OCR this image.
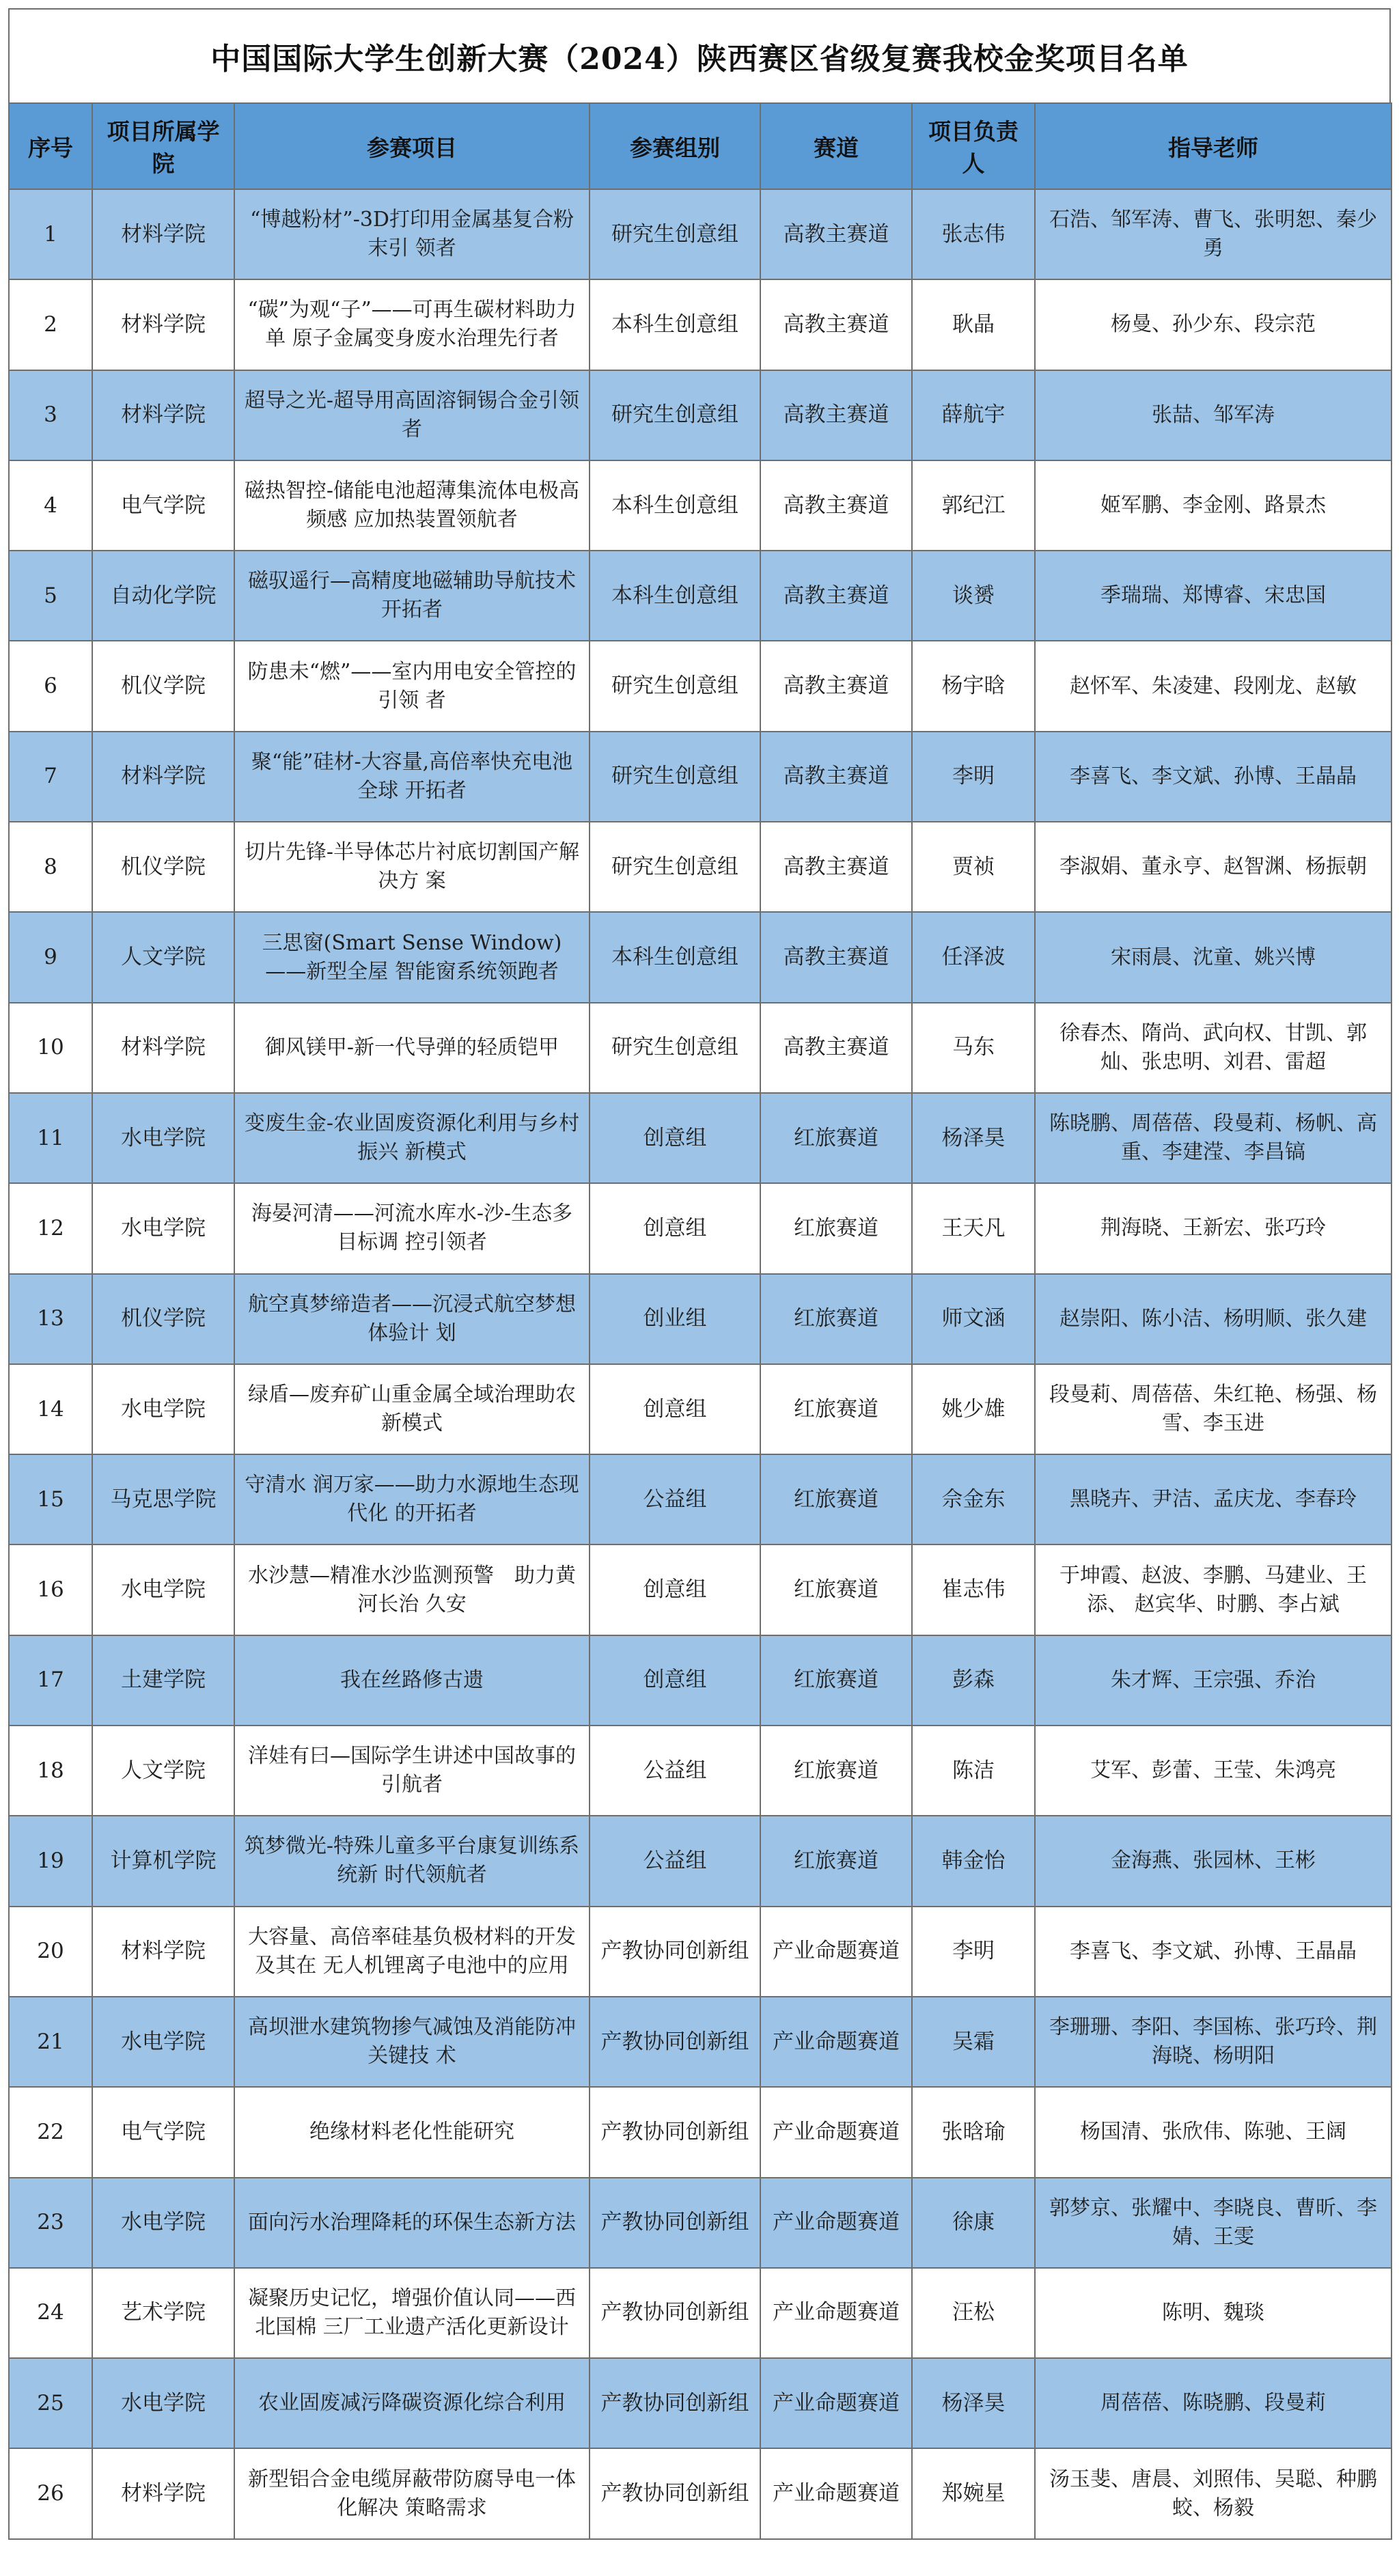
中国国际大学生创新大赛（2024）陕西赛区省级复赛我校金奖项目名单
序号	项目所属学院	参赛项目	参赛组别	赛道	项目负责人	指导老师
1	材料学院	“博越粉材”-3D打印用金属基复合粉末引 领者	研究生创意组	高教主赛道	张志伟	石浩、邹军涛、曹飞、张明恕、秦少勇
2	材料学院	“碳”为观“子”——可再生碳材料助力单 原子金属变身废水治理先行者	本科生创意组	高教主赛道	耿晶	杨曼、孙少东、段宗范
3	材料学院	超导之光-超导用高固溶铜锡合金引领者	研究生创意组	高教主赛道	薛航宇	张喆、邹军涛
4	电气学院	磁热智控-储能电池超薄集流体电极高频感 应加热装置领航者	本科生创意组	高教主赛道	郭纪江	姬军鹏、李金刚、路景杰
5	自动化学院	磁驭遥行—高精度地磁辅助导航技术开拓者	本科生创意组	高教主赛道	谈赟	季瑞瑞、郑博睿、宋忠国
6	机仪学院	防患未“燃”——室内用电安全管控的引领 者	研究生创意组	高教主赛道	杨宇晗	赵怀军、朱凌建、段刚龙、赵敏
7	材料学院	聚“能”硅材-大容量,高倍率快充电池全球 开拓者	研究生创意组	高教主赛道	李明	李喜飞、李文斌、孙博、王晶晶
8	机仪学院	切片先锋-半导体芯片衬底切割国产解决方 案	研究生创意组	高教主赛道	贾祯	李淑娟、董永亨、赵智渊、杨振朝
9	人文学院	三思窗(Smart Sense Window)——新型全屋 智能窗系统领跑者	本科生创意组	高教主赛道	任泽波	宋雨晨、沈童、姚兴博
10	材料学院	御风镁甲-新一代导弹的轻质铠甲	研究生创意组	高教主赛道	马东	徐春杰、隋尚、武向权、甘凯、郭灿、张忠明、刘君、雷超
11	水电学院	变废生金-农业固废资源化利用与乡村振兴 新模式	创意组	红旅赛道	杨泽昊	陈晓鹏、周蓓蓓、段曼莉、杨帆、高重、李建滢、李昌镐
12	水电学院	海晏河清——河流水库水-沙-生态多目标调 控引领者	创意组	红旅赛道	王天凡	荆海晓、王新宏、张巧玲
13	机仪学院	航空真梦缔造者——沉浸式航空梦想体验计 划	创业组	红旅赛道	师文涵	赵崇阳、陈小洁、杨明顺、张久建
14	水电学院	绿盾—废弃矿山重金属全域治理助农新模式	创意组	红旅赛道	姚少雄	段曼莉、周蓓蓓、朱红艳、杨强、杨雪、李玉进
15	马克思学院	守清水 润万家——助力水源地生态现代化 的开拓者	公益组	红旅赛道	佘金东	黑晓卉、尹洁、孟庆龙、李春玲
16	水电学院	水沙慧—精准水沙监测预警　助力黄河长治 久安	创意组	红旅赛道	崔志伟	于坤霞、赵波、李鹏、马建业、王添、 赵宾华、时鹏、李占斌
17	土建学院	我在丝路修古遗	创意组	红旅赛道	彭森	朱才辉、王宗强、乔治
18	人文学院	洋娃有曰—国际学生讲述中国故事的引航者	公益组	红旅赛道	陈洁	艾军、彭蕾、王莹、朱鸿亮
19	计算机学院	筑梦微光-特殊儿童多平台康复训练系统新 时代领航者	公益组	红旅赛道	韩金怡	金海燕、张园林、王彬
20	材料学院	大容量、高倍率硅基负极材料的开发及其在 无人机锂离子电池中的应用	产教协同创新组	产业命题赛道	李明	李喜飞、李文斌、孙博、王晶晶
21	水电学院	高坝泄水建筑物掺气减蚀及消能防冲关键技 术	产教协同创新组	产业命题赛道	吴霜	李珊珊、李阳、李国栋、张巧玲、荆海晓、杨明阳
22	电气学院	绝缘材料老化性能研究	产教协同创新组	产业命题赛道	张晗瑜	杨国清、张欣伟、陈驰、王阔
23	水电学院	面向污水治理降耗的环保生态新方法	产教协同创新组	产业命题赛道	徐康	郭梦京、张耀中、李晓良、曹昕、李婧、王雯
24	艺术学院	凝聚历史记忆，增强价值认同——西北国棉 三厂工业遗产活化更新设计	产教协同创新组	产业命题赛道	汪松	陈明、魏琰
25	水电学院	农业固废减污降碳资源化综合利用	产教协同创新组	产业命题赛道	杨泽昊	周蓓蓓、陈晓鹏、段曼莉
26	材料学院	新型铝合金电缆屏蔽带防腐导电一体化解决 策略需求	产教协同创新组	产业命题赛道	郑婉星	汤玉斐、唐晨、刘照伟、吴聪、种鹏蛟、杨毅
